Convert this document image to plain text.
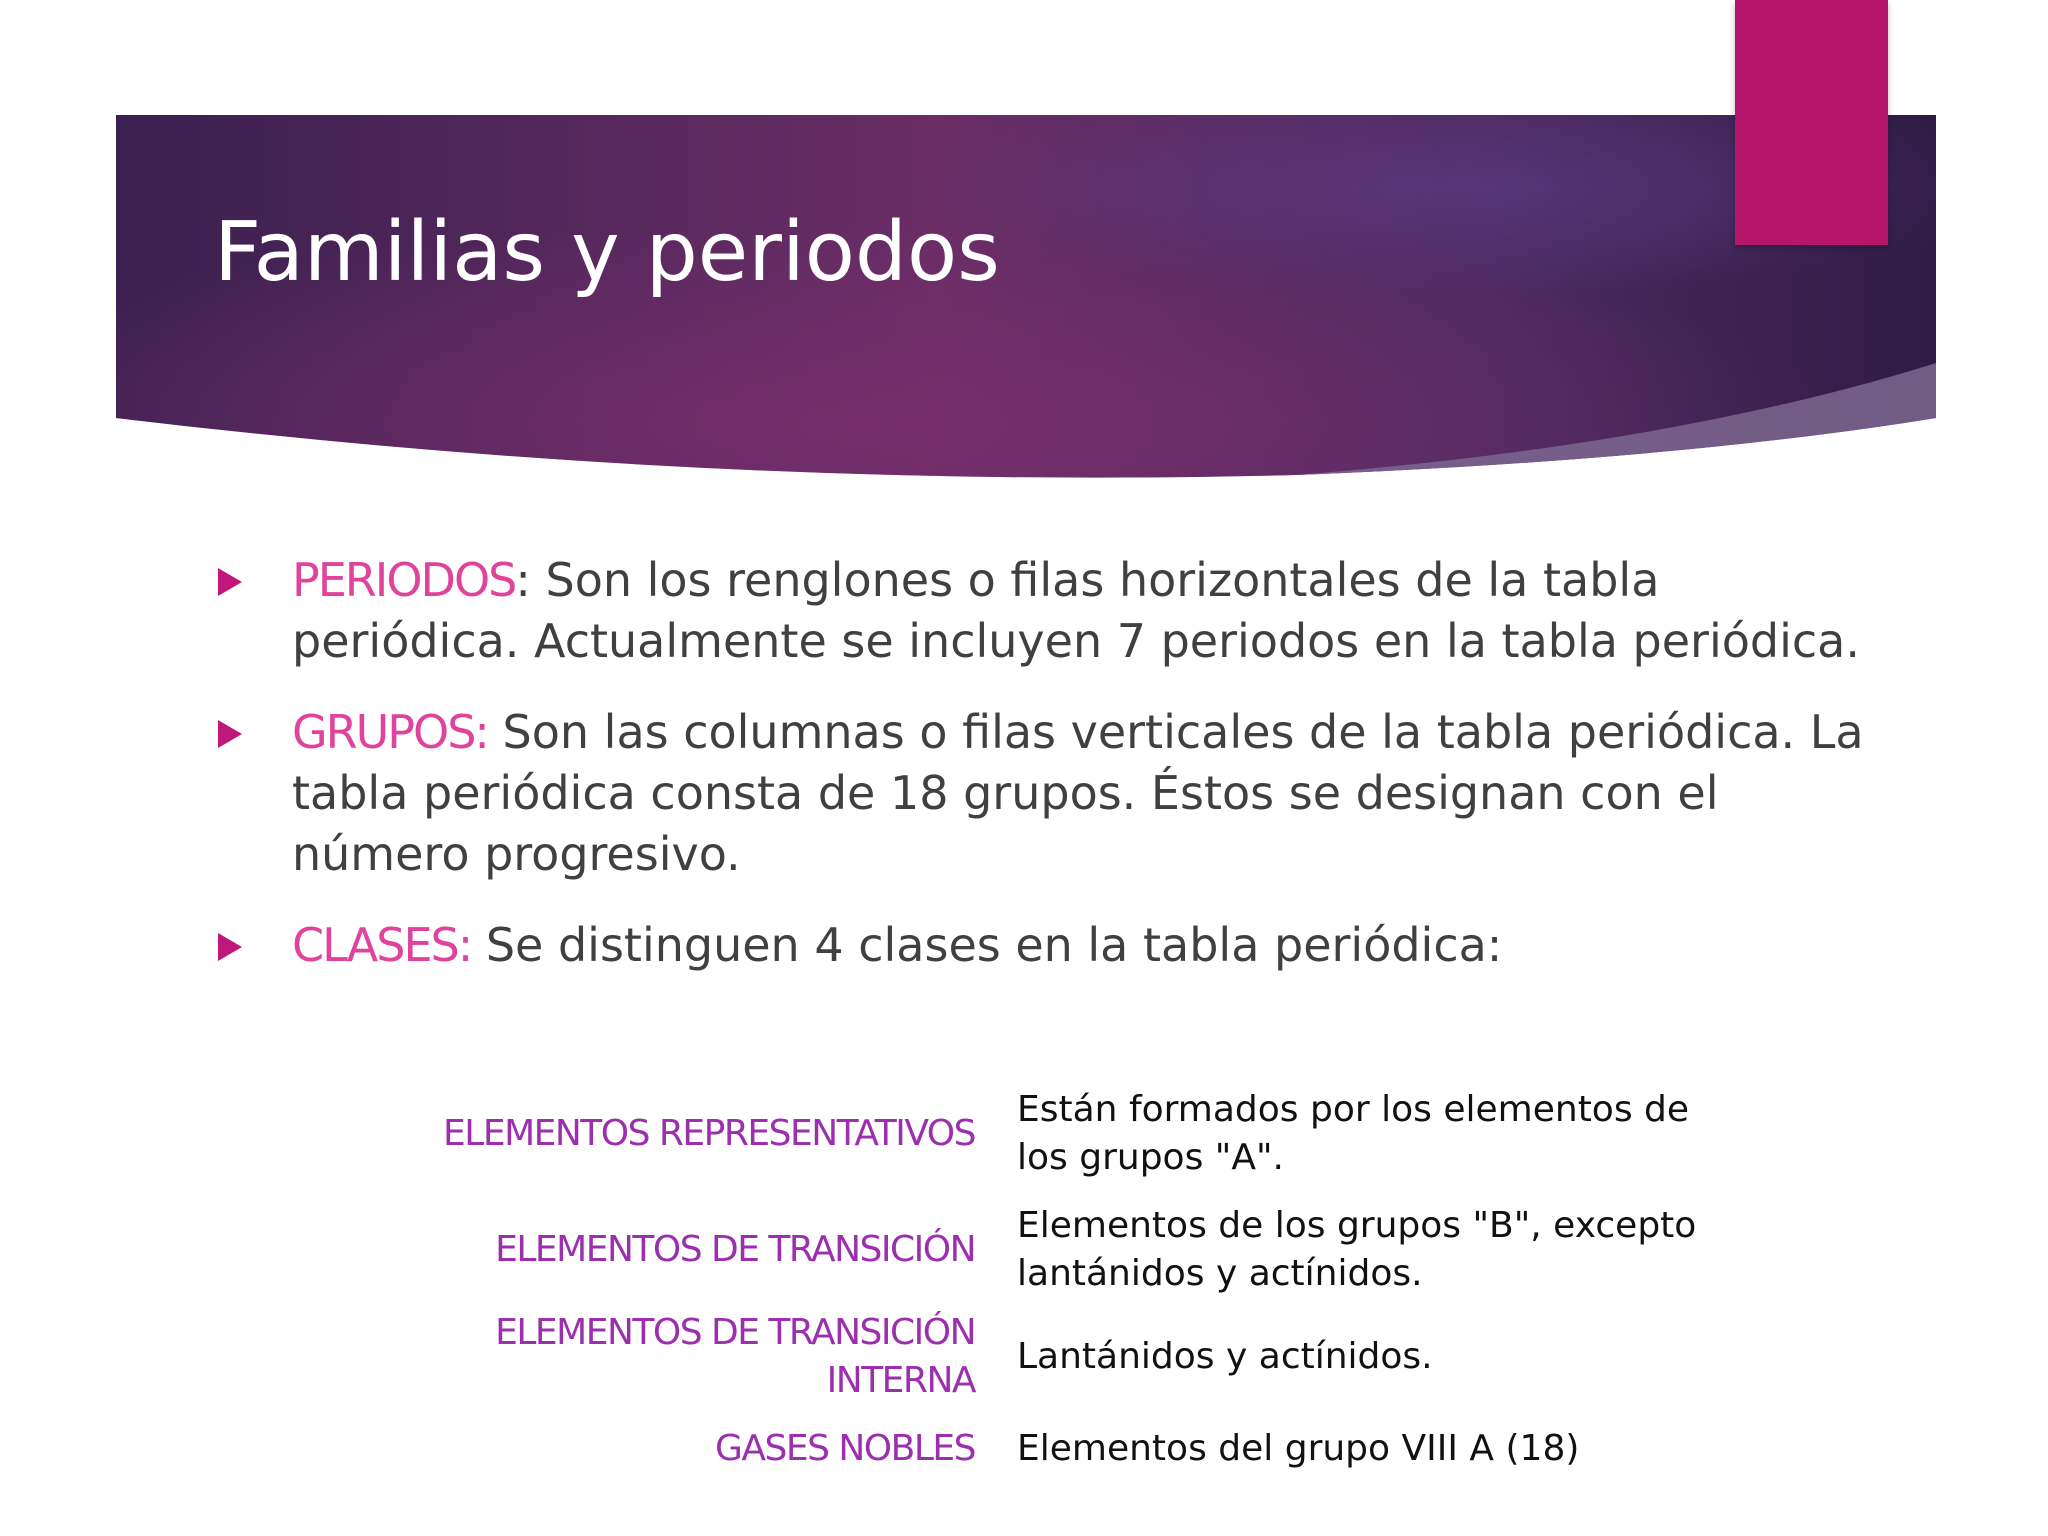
Familias y periodos
PERIODOS: Son los renglones o filas horizontales de la tabla periódica. Actualmente se incluyen 7 periodos en la tabla periódica.
GRUPOS: Son las columnas o filas verticales de la tabla periódica. La tabla periódica consta de 18 grupos. Éstos se designan con el número progresivo.
CLASES: Se distinguen 4 clases en la tabla periódica:
ELEMENTOS REPRESENTATIVOS	Están formados por los elementos de los grupos "A".
ELEMENTOS DE TRANSICIÓN	Elementos de los grupos "B", excepto lantánidos y actínidos.
ELEMENTOS DE TRANSICIÓN INTERNA	Lantánidos y actínidos.
GASES NOBLES	Elementos del grupo VIII A (18)
